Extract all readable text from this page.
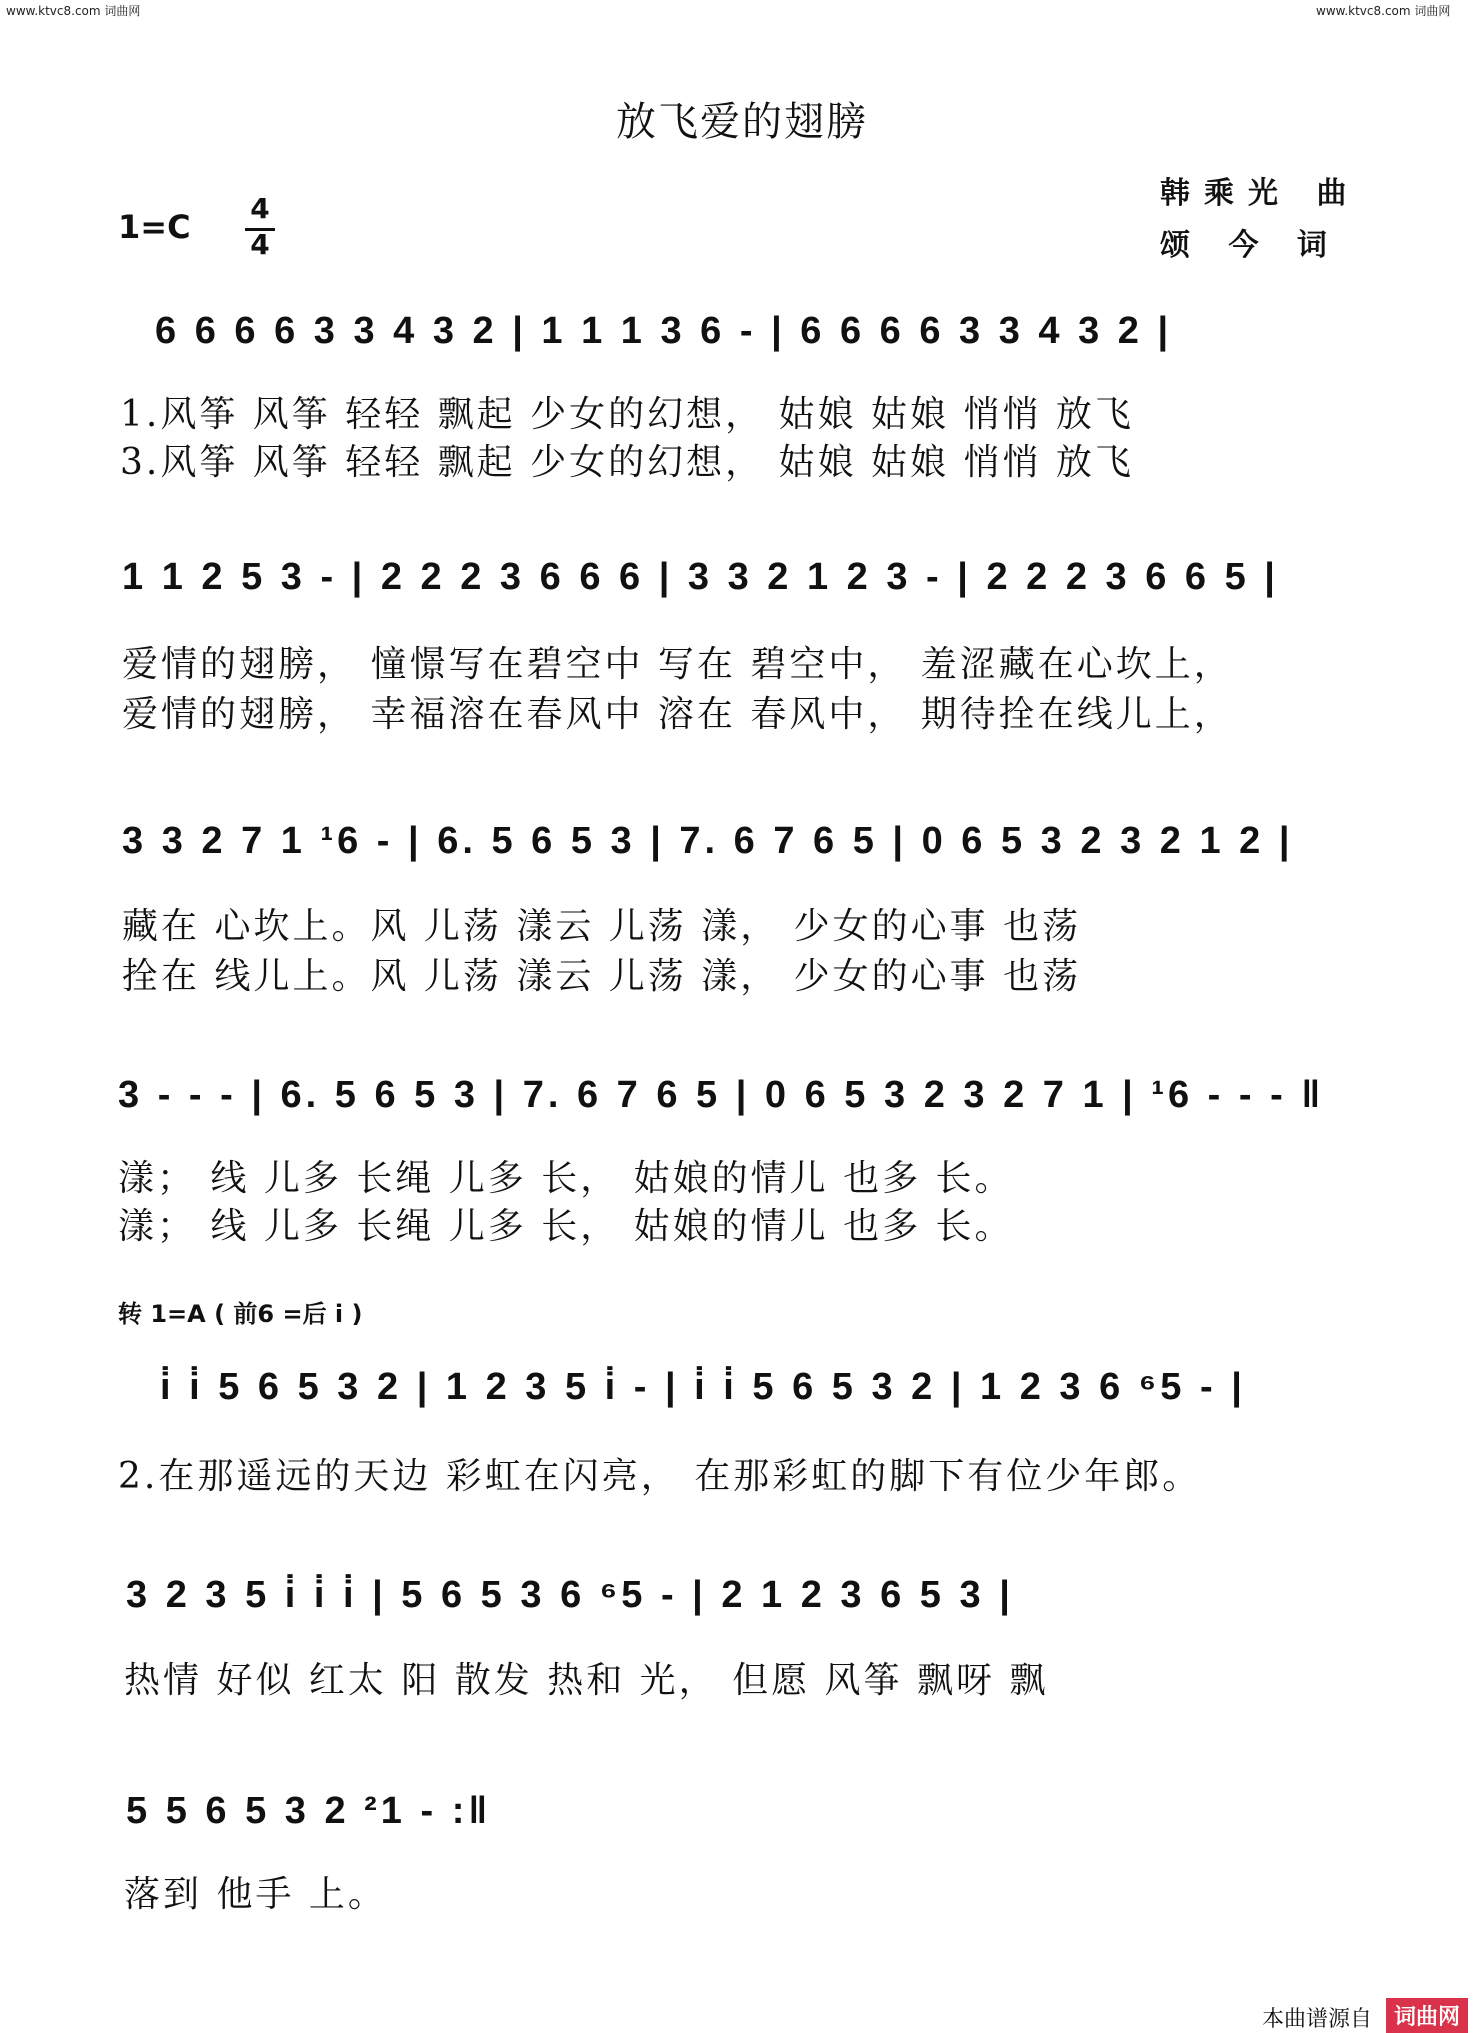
www.ktvc8.com 词曲网	www.ktvc8.com 词曲网
放飞爱的翅膀
韩乘光 曲
颂 今 词
1=C 4
4
6 6 6 6 3 3 4 3 2 | 1 1 1 3 6 - | 6 6 6 6 3 3 4 3 2 |
1.风筝 风筝 轻轻 飘起 少女的幻想， 姑娘 姑娘 悄悄 放飞
3.风筝 风筝 轻轻 飘起 少女的幻想， 姑娘 姑娘 悄悄 放飞
1 1 2 5 3 - | 2 2 2 3 6 6 6 | 3 3 2 1 2 3 - | 2 2 2 3 6 6 5 |
爱情的翅膀， 憧憬写在碧空中 写在 碧空中， 羞涩藏在心坎上，
爱情的翅膀， 幸福溶在春风中 溶在 春风中， 期待拴在线儿上，
3 3 2 7 1 ¹6 - | 6. 5 6 5 3 | 7. 6 7 6 5 | 0 6 5 3 2 3 2 1 2 |
藏在 心坎上。风 儿荡 漾云 儿荡 漾， 少女的心事 也荡
拴在 线儿上。风 儿荡 漾云 儿荡 漾， 少女的心事 也荡
3 - - - | 6. 5 6 5 3 | 7. 6 7 6 5 | 0 6 5 3 2 3 2 7 1 | ¹6 - - - ‖
漾； 线 儿多 长绳 儿多 长， 姑娘的情儿 也多 长。
漾； 线 儿多 长绳 儿多 长， 姑娘的情儿 也多 长。
转 1=A ( 前6 =后 i̇ )
i̇ i̇ 5 6 5 3 2 | 1 2 3 5 i̇ - | i̇ i̇ 5 6 5 3 2 | 1 2 3 6 ⁶5 - |
2.在那遥远的天边 彩虹在闪亮， 在那彩虹的脚下有位少年郎。
3 2 3 5 i̇ i̇ i̇ | 5 6 5 3 6 ⁶5 - | 2 1 2 3 6 5 3 |
热情 好似 红太 阳 散发 热和 光， 但愿 风筝 飘呀 飘
5 5 6 5 3 2 ²1 - :‖
落到 他手 上。
本曲谱源自 词曲网
